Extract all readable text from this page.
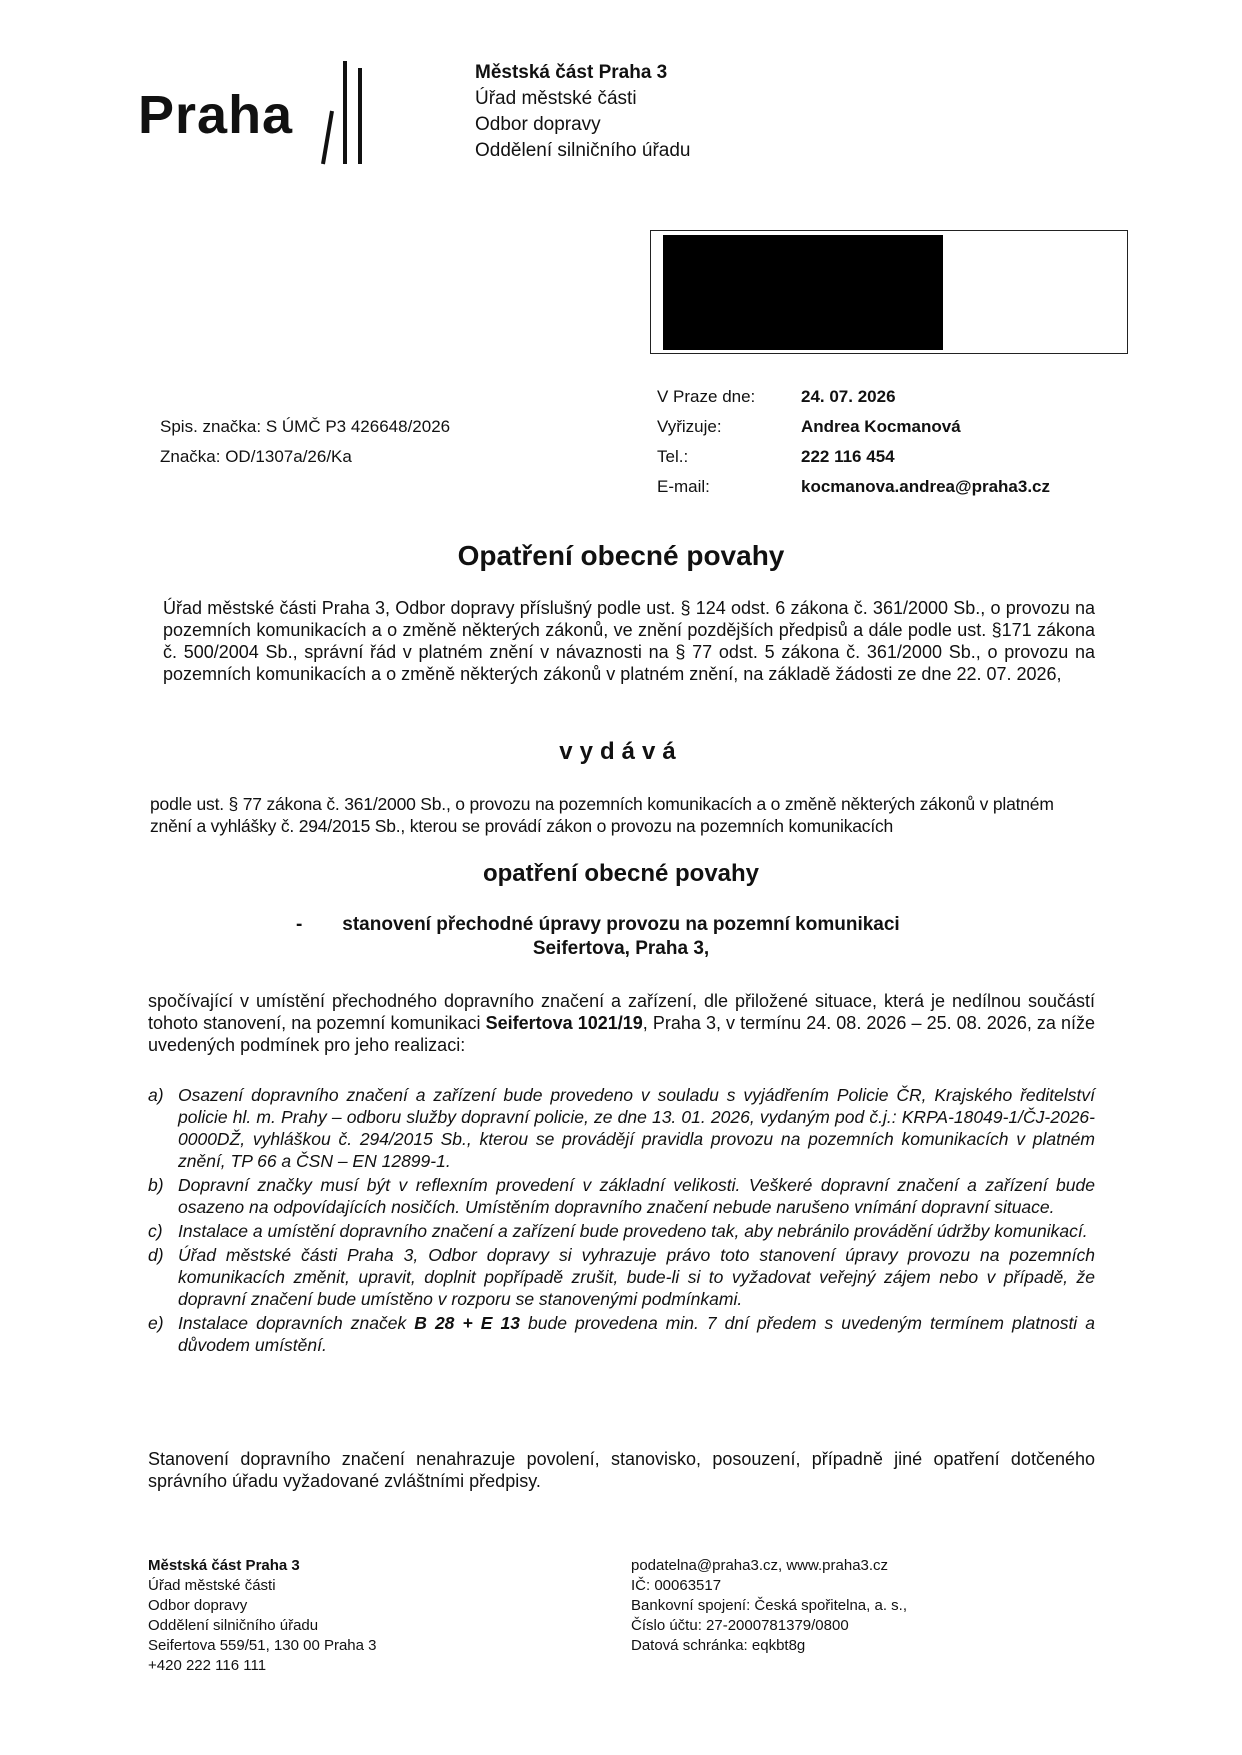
Praha
Městská část Praha 3
Úřad městské části
Odbor dopravy
Oddělení silničního úřadu
Spis. značka: S ÚMČ P3 426648/2026
Značka: OD/1307a/26/Ka
V Praze dne:	24. 07. 2026
Vyřizuje:	Andrea Kocmanová
Tel.:	222 116 454
E-mail:	kocmanova.andrea@praha3.cz
Opatření obecné povahy
Úřad městské části Praha 3, Odbor dopravy příslušný podle ust. § 124 odst. 6 zákona č. 361/2000 Sb., o provozu na pozemních komunikacích a o změně některých zákonů, ve znění pozdějších předpisů a dále podle ust. §171 zákona č. 500/2004 Sb., správní řád v platném znění v návaznosti na § 77 odst. 5 zákona č. 361/2000 Sb., o provozu na pozemních komunikacích a o změně některých zákonů v platném znění, na základě žádosti ze dne 22. 07. 2026,
vydává
podle ust. § 77 zákona č. 361/2000 Sb., o provozu na pozemních komunikacích a o změně některých zákonů v platném znění a vyhlášky č. 294/2015 Sb., kterou se provádí zákon o provozu na pozemních komunikacích
opatření obecné povahy
- stanovení přechodné úpravy provozu na pozemní komunikaci
Seifertova, Praha 3,
spočívající v umístění přechodného dopravního značení a zařízení, dle přiložené situace, která je nedílnou součástí tohoto stanovení, na pozemní komunikaci Seifertova 1021/19, Praha 3, v termínu 24. 08. 2026 – 25. 08. 2026, za níže uvedených podmínek pro jeho realizaci:
a) Osazení dopravního značení a zařízení bude provedeno v souladu s vyjádřením Policie ČR, Krajského ředitelství policie hl. m. Prahy – odboru služby dopravní policie, ze dne 13. 01. 2026, vydaným pod č.j.: KRPA-18049-1/ČJ-2026-0000DŽ, vyhláškou č. 294/2015 Sb., kterou se provádějí pravidla provozu na pozemních komunikacích v platném znění, TP 66 a ČSN – EN 12899-1.
b) Dopravní značky musí být v reflexním provedení v základní velikosti. Veškeré dopravní značení a zařízení bude osazeno na odpovídajících nosičích. Umístěním dopravního značení nebude narušeno vnímání dopravní situace.
c) Instalace a umístění dopravního značení a zařízení bude provedeno tak, aby nebránilo provádění údržby komunikací.
d) Úřad městské části Praha 3, Odbor dopravy si vyhrazuje právo toto stanovení úpravy provozu na pozemních komunikacích změnit, upravit, doplnit popřípadě zrušit, bude-li si to vyžadovat veřejný zájem nebo v případě, že dopravní značení bude umístěno v rozporu se stanovenými podmínkami.
e) Instalace dopravních značek B 28 + E 13 bude provedena min. 7 dní předem s uvedeným termínem platnosti a důvodem umístění.
Stanovení dopravního značení nenahrazuje povolení, stanovisko, posouzení, případně jiné opatření dotčeného správního úřadu vyžadované zvláštními předpisy.
Městská část Praha 3
Úřad městské části
Odbor dopravy
Oddělení silničního úřadu
Seifertova 559/51, 130 00 Praha 3
+420 222 116 111
podatelna@praha3.cz, www.praha3.cz
IČ: 00063517
Bankovní spojení: Česká spořitelna, a. s.,
Číslo účtu: 27-2000781379/0800
Datová schránka: eqkbt8g
